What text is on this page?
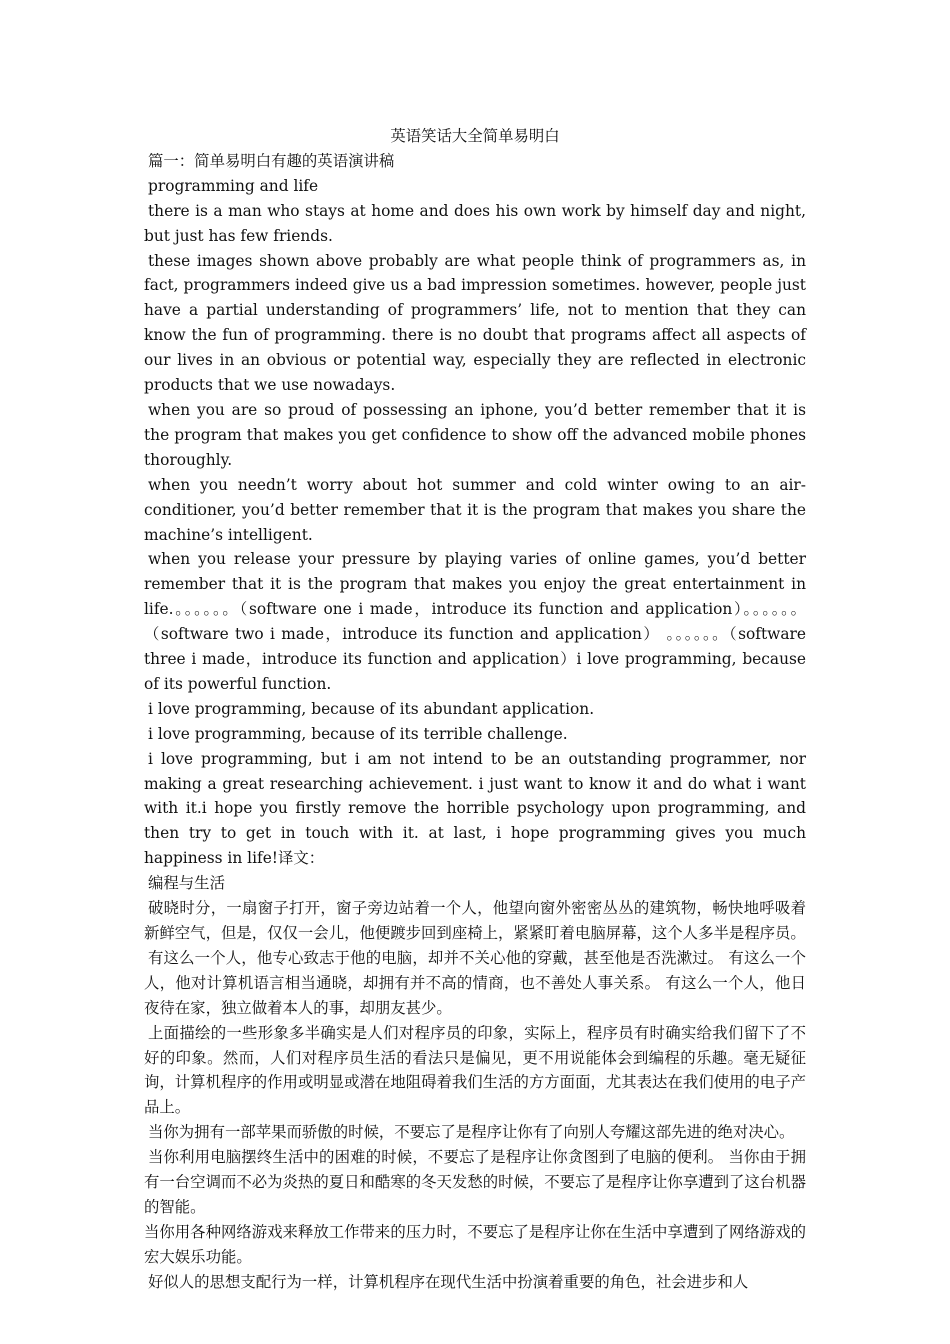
英语笑话大全简单易明白

篇一：简单易明白有趣的英语演讲稿

programming and life

there is a man who stays at home and does his own work by himself day and night, but just has few friends.

these images shown above probably are what people think of programmers as, in fact, programmers indeed give us a bad impression sometimes. however, people just have a partial understanding of programmers’ life, not to mention that they can know the fun of programming. there is no doubt that programs affect all aspects of our lives in an obvious or potential way, especially they are reflected in electronic products that we use nowadays.

when you are so proud of possessing an iphone, you’d better remember that it is the program that makes you get confidence to show off the advanced mobile phones thoroughly.

when you needn’t worry about hot summer and cold winter owing to an air-conditioner, you’d better remember that it is the program that makes you share the machine’s intelligent.

when you release your pressure by playing varies of online games, you’d better remember that it is the program that makes you enjoy the great entertainment in life.。。。。。。（software one i made，introduce its function and application）。。。。。。（software two i made，introduce its function and application） 。。。。。。（software three i made，introduce its function and application）i love programming, because of its powerful function.

i love programming, because of its abundant application.

i love programming, because of its terrible challenge.

i love programming, but i am not intend to be an outstanding programmer, nor making a great researching achievement. i just want to know it and do what i want with it.i hope you firstly remove the horrible psychology upon programming, and then try to get in touch with it. at last, i hope programming gives you much happiness in life!译文：

编程与生活

破晓时分，一扇窗子打开，窗子旁边站着一个人，他望向窗外密密丛丛的建筑物，畅快地呼吸着新鲜空气，但是，仅仅一会儿，他便踱步回到座椅上，紧紧盯着电脑屏幕，这个人多半是程序员。

有这么一个人，他专心致志于他的电脑，却并不关心他的穿戴，甚至他是否洗漱过。 有这么一个人，他对计算机语言相当通晓，却拥有并不高的情商，也不善处人事关系。 有这么一个人，他日夜待在家，独立做着本人的事，却朋友甚少。

上面描绘的一些形象多半确实是人们对程序员的印象，实际上，程序员有时确实给我们留下了不好的印象。然而，人们对程序员生活的看法只是偏见，更不用说能体会到编程的乐趣。毫无疑征询，计算机程序的作用或明显或潜在地阻碍着我们生活的方方面面，尤其表达在我们使用的电子产品上。

当你为拥有一部苹果而骄傲的时候，不要忘了是程序让你有了向别人夸耀这部先进的绝对决心。

当你利用电脑摆终生活中的困难的时候，不要忘了是程序让你贪图到了电脑的便利。 当你由于拥有一台空调而不必为炎热的夏日和酷寒的冬天发愁的时候，不要忘了是程序让你享遭到了这台机器的智能。

当你用各种网络游戏来释放工作带来的压力时，不要忘了是程序让你在生活中享遭到了网络游戏的宏大娱乐功能。

好似人的思想支配行为一样，计算机程序在现代生活中扮演着重要的角色，社会进步和人
